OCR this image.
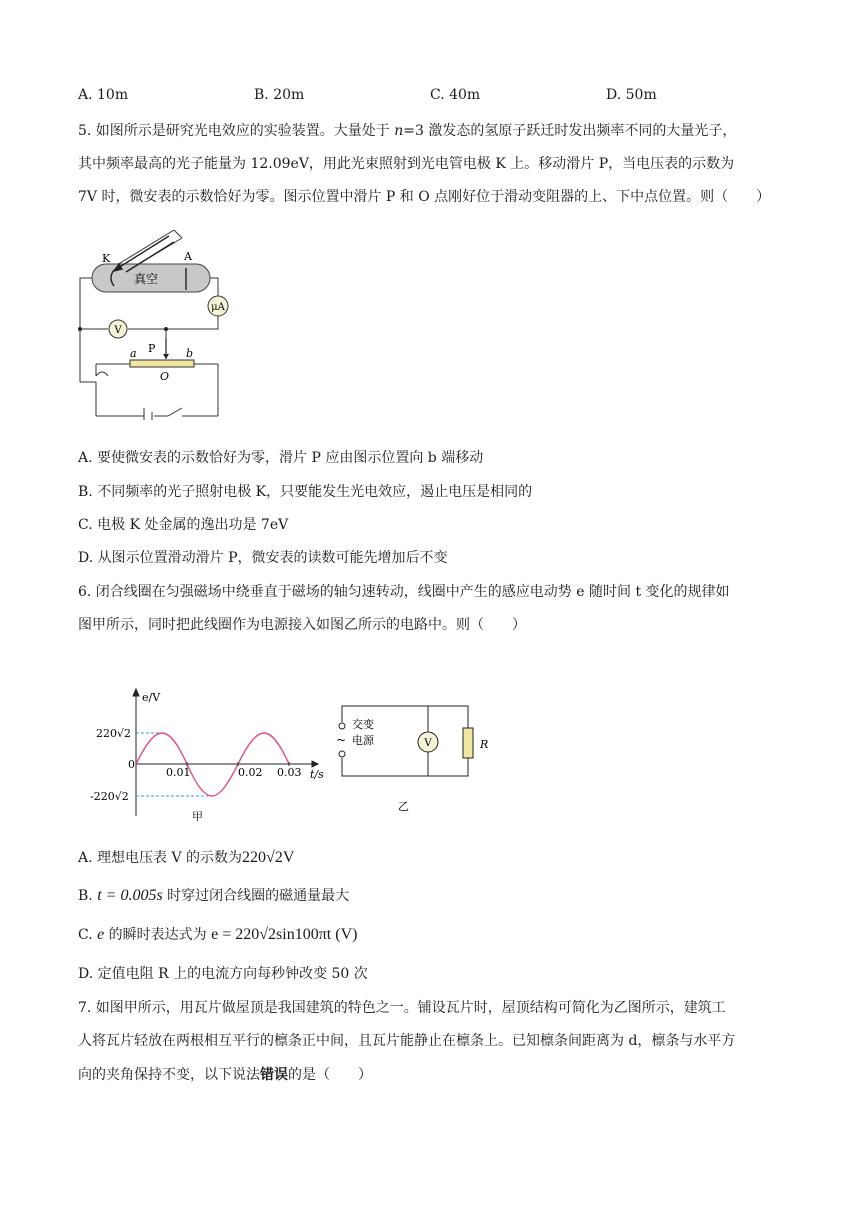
A. 10m	B. 20m	C. 40m	D. 50m
5. 如图所示是研究光电效应的实验装置。大量处于 n=3 激发态的氢原子跃迁时发出频率不同的大量光子，
其中频率最高的光子能量为 12.09eV，用此光束照射到光电管电极 K 上。移动滑片 P，当电压表的示数为
7V 时，微安表的示数恰好为零。图示位置中滑片 P 和 O 点刚好位于滑动变阻器的上、下中点位置。则（　　）
K	A
真空
μA
V
P
a	b
O
A. 要使微安表的示数恰好为零，滑片 P 应由图示位置向 b 端移动
B. 不同频率的光子照射电极 K，只要能发生光电效应，遏止电压是相同的
C. 电极 K 处金属的逸出功是 7eV
D. 从图示位置滑动滑片 P，微安表的读数可能先增加后不变
6. 闭合线圈在匀强磁场中绕垂直于磁场的轴匀速转动，线圈中产生的感应电动势 e 随时间 t 变化的规律如
图甲所示，同时把此线圈作为电源接入如图乙所示的电路中。则（　　）
e/V
220√2
-220√2
0
0.01	0.02 0.03 t/s
甲
~
交变
电源	V	R
乙
A. 理想电压表 V 的示数为220√2V
B. t = 0.005s 时穿过闭合线圈的磁通量最大
C. e 的瞬时表达式为 e = 220√2sin100πt (V)
D. 定值电阻 R 上的电流方向每秒钟改变 50 次
7. 如图甲所示，用瓦片做屋顶是我国建筑的特色之一。铺设瓦片时，屋顶结构可简化为乙图所示，建筑工
人将瓦片轻放在两根相互平行的檩条正中间，且瓦片能静止在檩条上。已知檩条间距离为 d，檩条与水平方
向的夹角保持不变，以下说法错误的是（　　）
